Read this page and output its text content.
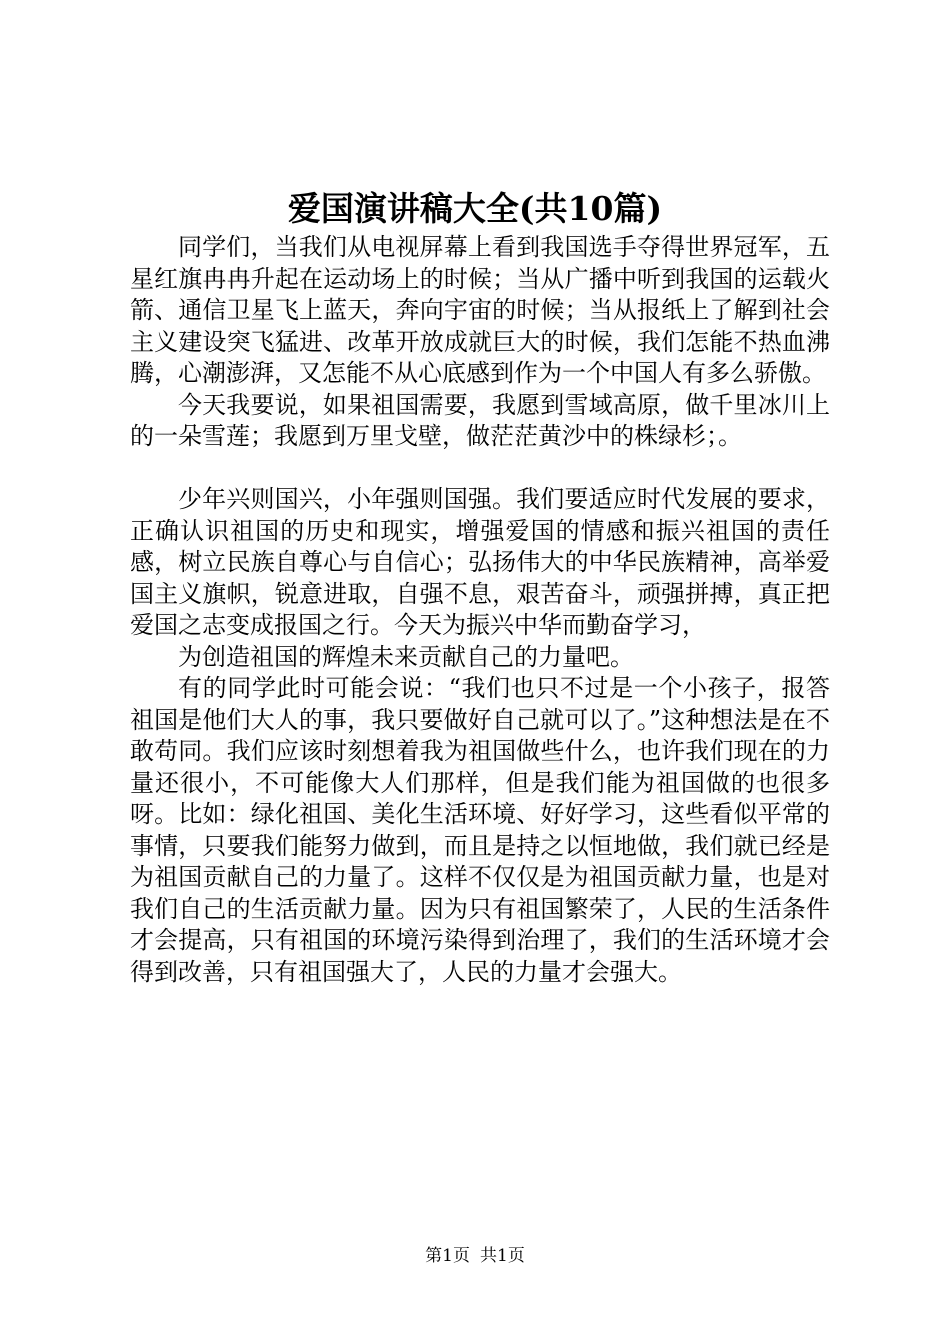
爱国演讲稿大全(共10篇)

同学们，当我们从电视屏幕上看到我国选手夺得世界冠军，五星红旗冉冉升起在运动场上的时候；当从广播中听到我国的运载火箭、通信卫星飞上蓝天，奔向宇宙的时候；当从报纸上了解到社会主义建设突飞猛进、改革开放成就巨大的时候，我们怎能不热血沸腾，心潮澎湃，又怎能不从心底感到作为一个中国人有多么骄傲。

今天我要说，如果祖国需要，我愿到雪域高原，做千里冰川上的一朵雪莲；我愿到万里戈壁，做茫茫黄沙中的株绿杉；。

少年兴则国兴，小年强则国强。我们要适应时代发展的要求，正确认识祖国的历史和现实，增强爱国的情感和振兴祖国的责任感，树立民族自尊心与自信心；弘扬伟大的中华民族精神，高举爱国主义旗帜，锐意进取，自强不息，艰苦奋斗，顽强拼搏，真正把爱国之志变成报国之行。今天为振兴中华而勤奋学习，

为创造祖国的辉煌未来贡献自己的力量吧。

有的同学此时可能会说：“我们也只不过是一个小孩子，报答祖国是他们大人的事，我只要做好自己就可以了。”这种想法是在不敢苟同。我们应该时刻想着我为祖国做些什么，也许我们现在的力量还很小，不可能像大人们那样，但是我们能为祖国做的也很多呀。比如：绿化祖国、美化生活环境、好好学习，这些看似平常的事情，只要我们能努力做到，而且是持之以恒地做，我们就已经是为祖国贡献自己的力量了。这样不仅仅是为祖国贡献力量，也是对我们自己的生活贡献力量。因为只有祖国繁荣了，人民的生活条件才会提高，只有祖国的环境污染得到治理了，我们的生活环境才会得到改善，只有祖国强大了，人民的力量才会强大。

第1页 共1页
